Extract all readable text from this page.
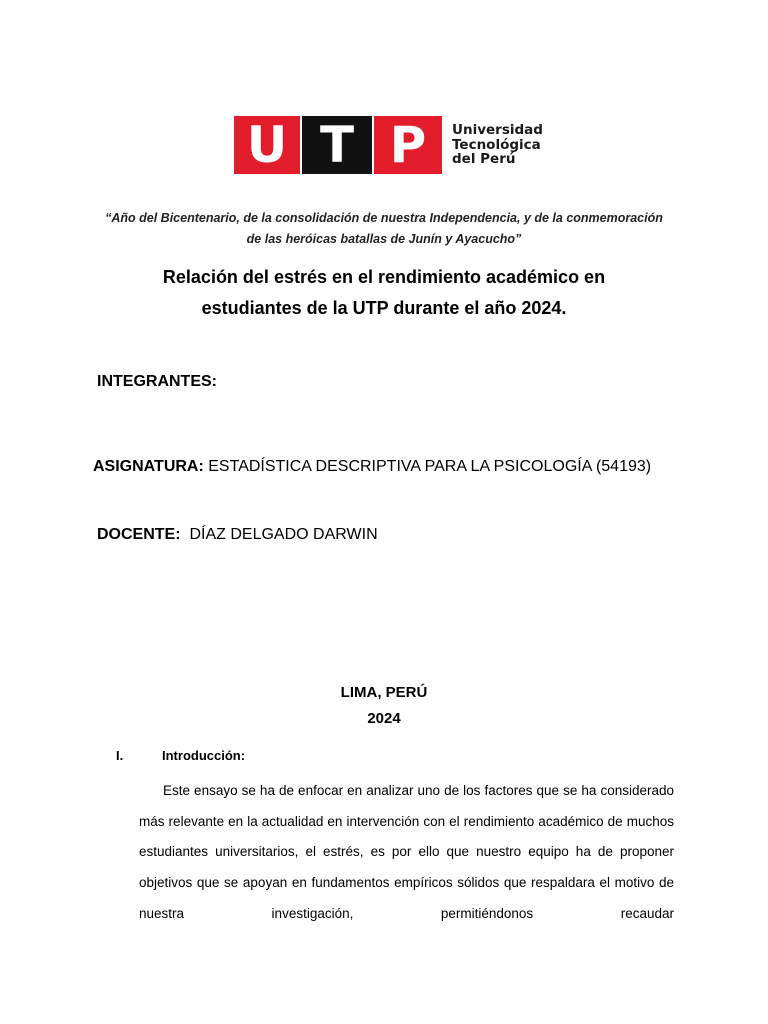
U T P	Universidad
Tecnológica
del Perú
“Año del Bicentenario, de la consolidación de nuestra Independencia, y de la conmemoración
de las heróicas batallas de Junín y Ayacucho”
Relación del estrés en el rendimiento académico en
estudiantes de la UTP durante el año 2024.
INTEGRANTES:
ASIGNATURA: ESTADÍSTICA DESCRIPTIVA PARA LA PSICOLOGÍA (54193)
DOCENTE:  DÍAZ DELGADO DARWIN
LIMA, PERÚ
2024
I.	Introducción:
Este ensayo se ha de enfocar en analizar uno de los factores que se ha considerado más relevante en la actualidad en intervención con el rendimiento académico de muchos estudiantes universitarios, el estrés, es por ello que nuestro equipo ha de proponer objetivos que se apoyan en fundamentos empíricos sólidos que respaldara el motivo de nuestra investigación, permitiéndonos recaudar
